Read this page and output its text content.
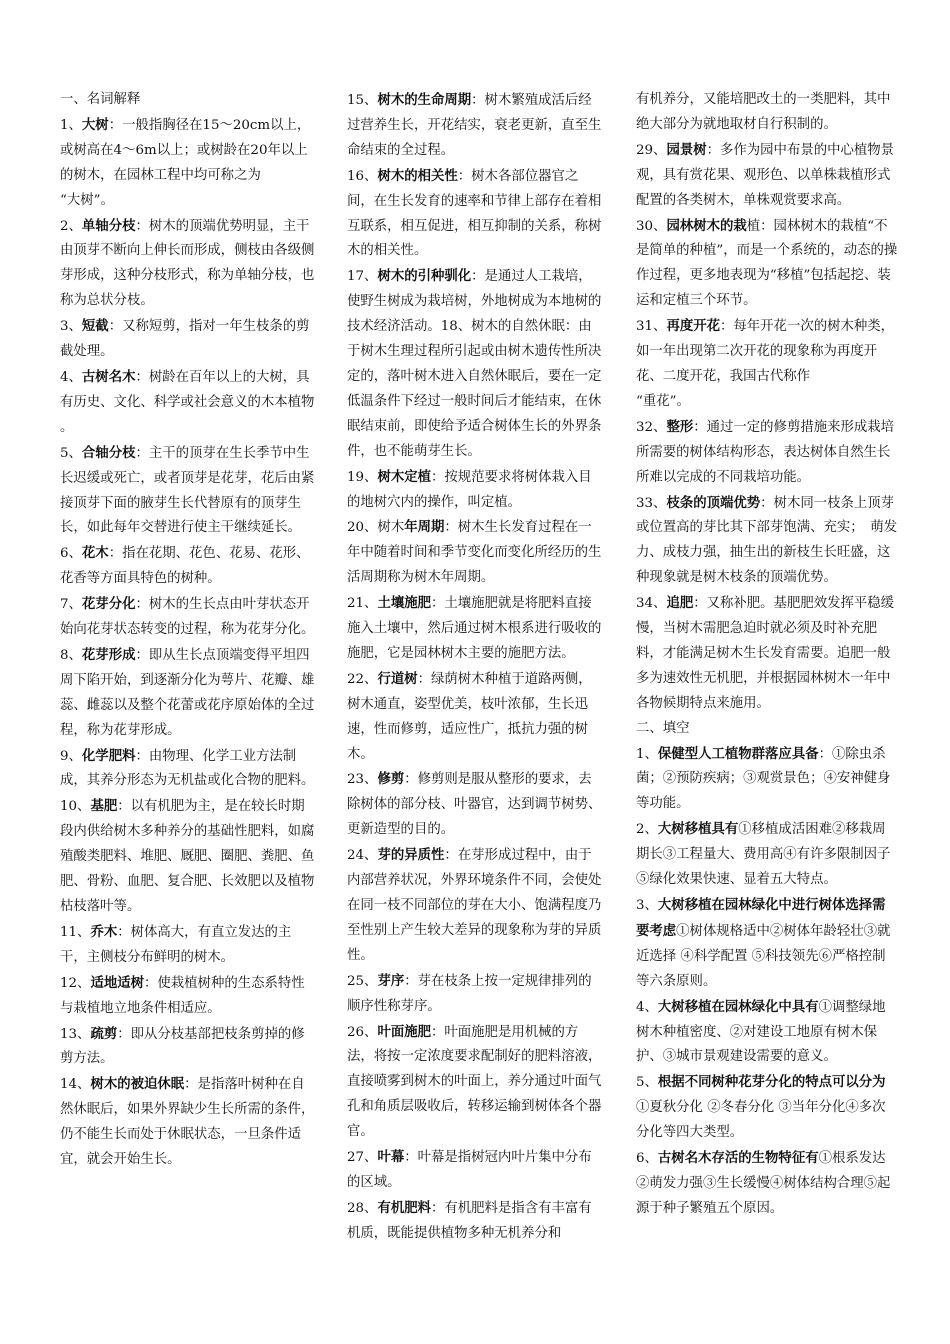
一、名词解释

1、大树：一般指胸径在15～20cm以上，或树高在4～6m以上；或树龄在20年以上的树木，在园林工程中均可称之为
“大树”。

2、单轴分枝：树木的顶端优势明显，主干由顶芽不断向上伸长而形成，侧枝由各级侧芽形成，这种分枝形式，称为单轴分枝，也称为总状分枝。

3、短截：又称短剪，指对一年生枝条的剪截处理。

4、古树名木：树龄在百年以上的大树，具有历史、文化、科学或社会意义的木本植物 。

5、合轴分枝：主干的顶芽在生长季节中生长迟缓或死亡，或者顶芽是花芽，花后由紧接顶芽下面的腋芽生长代替原有的顶芽生长，如此每年交替进行使主干继续延长。

6、花木：指在花期、花色、花易、花形、花香等方面具特色的树种。

7、花芽分化：树木的生长点由叶芽状态开始向花芽状态转变的过程，称为花芽分化。

8、花芽形成：即从生长点顶端变得平坦四周下陷开始，到逐渐分化为萼片、花瓣、雄蕊、雌蕊以及整个花蕾或花序原始体的全过程，称为花芽形成。

9、化学肥料：由物理、化学工业方法制成，其养分形态为无机盐或化合物的肥料。

10、基肥：以有机肥为主，是在较长时期段内供给树木多种养分的基础性肥料，如腐殖酸类肥料、堆肥、厩肥、圈肥、粪肥、鱼肥、骨粉、血肥、复合肥、长效肥以及植物枯枝落叶等。

11、乔木：树体高大，有直立发达的主干，主侧枝分布鲜明的树木。

12、适地适树：使栽植树种的生态系特性与栽植地立地条件相适应。

13、疏剪：即从分枝基部把枝条剪掉的修剪方法。

14、树木的被迫休眠：是指落叶树种在自然休眠后，如果外界缺少生长所需的条件，仍不能生长而处于休眠状态，一旦条件适宜，就会开始生长。

15、树木的生命周期：树木繁殖成活后经过营养生长，开花结实，衰老更新，直至生命结束的全过程。

16、树木的相关性：树木各部位器官之间，在生长发育的速率和节律上部存在着相互联系，相互促进，相互抑制的关系，称树木的相关性。

17、树木的引种驯化：是通过人工栽培，使野生树成为栽培树，外地树成为本地树的技术经济活动。18、树木的自然休眠：由于树木生理过程所引起或由树木遗传性所决定的，落叶树木进入自然休眠后，要在一定低温条件下经过一般时间后才能结束，在休眠结束前，即使给予适合树体生长的外界条件，也不能萌芽生长。

19、树木定植：按规范要求将树体栽入目的地树穴内的操作，叫定植。

20、树木年周期：树木生长发育过程在一年中随着时间和季节变化而变化所经历的生活周期称为树木年周期。

21、土壤施肥：土壤施肥就是将肥料直接施入土壤中，然后通过树木根系进行吸收的施肥，它是园林树木主要的施肥方法。

22、行道树：绿荫树木种植于道路两侧，树木通直，姿型优美，枝叶浓郁，生长迅速，性而修剪，适应性广，抵抗力强的树木。

23、修剪：修剪则是服从整形的要求，去除树体的部分枝、叶器官，达到调节树势、更新造型的目的。

24、芽的异质性：在芽形成过程中，由于内部营养状况，外界环境条件不同，会使处在同一枝不同部位的芽在大小、饱满程度乃至性别上产生较大差异的现象称为芽的异质性。

25、芽序：芽在枝条上按一定规律排列的顺序性称芽序。

26、叶面施肥：叶面施肥是用机械的方法，将按一定浓度要求配制好的肥料溶液，直接喷雾到树木的叶面上，养分通过叶面气孔和角质层吸收后，转移运输到树体各个器官。

27、叶幕：叶幕是指树冠内叶片集中分布的区域。

28、有机肥料：有机肥料是指含有丰富有机质，既能提供植物多种无机养分和

有机养分，又能培肥改土的一类肥料，其中绝大部分为就地取材自行积制的。

29、园景树：多作为园中布景的中心植物景观，具有赏花果、观形色、以单株栽植形式配置的各类树木，单株观赏要求高。

30、园林树木的栽植：园林树木的栽植“不是简单的种植”，而是一个系统的，动态的操作过程，更多地表现为“移植”包括起挖、装运和定植三个环节。

31、再度开花：每年开花一次的树木种类，如一年出现第二次开花的现象称为再度开花、二度开花，我国古代称作
“重花”。

32、整形：通过一定的修剪措施来形成栽培所需要的树体结构形态，表达树体自然生长所难以完成的不同栽培功能。

33、枝条的顶端优势：树木同一枝条上顶芽或位置高的芽比其下部芽饱满、充实；　萌发力、成枝力强，抽生出的新枝生长旺盛，这种现象就是树木枝条的顶端优势。

34、追肥：又称补肥。基肥肥效发挥平稳缓慢，当树木需肥急迫时就必须及时补充肥料，才能满足树木生长发育需要。追肥一般多为速效性无机肥，并根据园林树木一年中各物候期特点来施用。

二、填空

1、保健型人工植物群落应具备：①除虫杀菌；②预防疾病；③观赏景色；④安神健身等功能。

2、大树移植具有①移植成活困难②移栽周期长③工程量大、费用高④有许多限制因子⑤绿化效果快速、显着五大特点。

3、大树移植在园林绿化中进行树体选择需要考虑①树体规格适中②树体年龄轻壮③就近选择 ④科学配置 ⑤科技领先⑥严格控制等六条原则。

4、大树移植在园林绿化中具有①调整绿地树木种植密度、②对建设工地原有树木保护、③城市景观建设需要的意义。

5、根据不同树种花芽分化的特点可以分为①夏秋分化 ②冬春分化 ③当年分化④多次分化等四大类型。

6、古树名木存活的生物特征有①根系发达②萌发力强③生长缓慢④树体结构合理⑤起源于种子繁殖五个原因。
